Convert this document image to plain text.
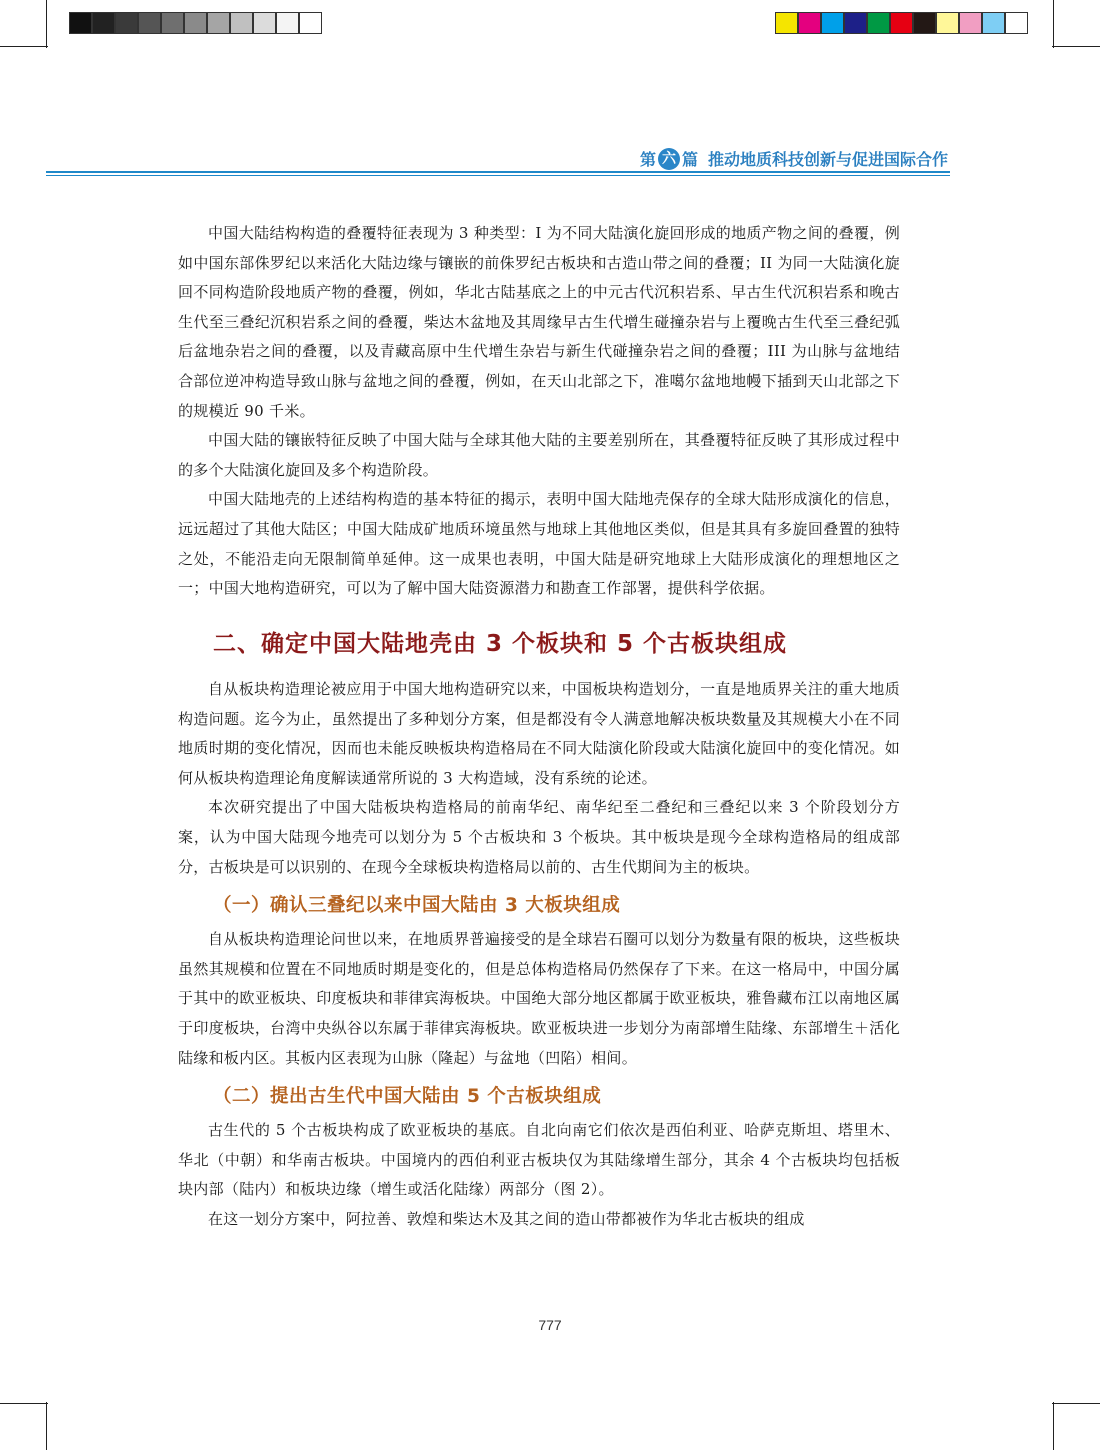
第 六 篇 推动地质科技创新与促进国际合作

中国大陆结构构造的叠覆特征表现为 3 种类型：I 为不同大陆演化旋回形成的地质产物之间的叠覆，例如中国东部侏罗纪以来活化大陆边缘与镶嵌的前侏罗纪古板块和古造山带之间的叠覆；II 为同一大陆演化旋回不同构造阶段地质产物的叠覆，例如，华北古陆基底之上的中元古代沉积岩系、早古生代沉积岩系和晚古生代至三叠纪沉积岩系之间的叠覆，柴达木盆地及其周缘早古生代增生碰撞杂岩与上覆晚古生代至三叠纪弧后盆地杂岩之间的叠覆，以及青藏高原中生代增生杂岩与新生代碰撞杂岩之间的叠覆；III 为山脉与盆地结合部位逆冲构造导致山脉与盆地之间的叠覆，例如，在天山北部之下，准噶尔盆地地幔下插到天山北部之下的规模近 90 千米。

中国大陆的镶嵌特征反映了中国大陆与全球其他大陆的主要差别所在，其叠覆特征反映了其形成过程中的多个大陆演化旋回及多个构造阶段。

中国大陆地壳的上述结构构造的基本特征的揭示，表明中国大陆地壳保存的全球大陆形成演化的信息，远远超过了其他大陆区；中国大陆成矿地质环境虽然与地球上其他地区类似，但是其具有多旋回叠置的独特之处，不能沿走向无限制简单延伸。这一成果也表明，中国大陆是研究地球上大陆形成演化的理想地区之一；中国大地构造研究，可以为了解中国大陆资源潜力和勘查工作部署，提供科学依据。

二、确定中国大陆地壳由 3 个板块和 5 个古板块组成

自从板块构造理论被应用于中国大地构造研究以来，中国板块构造划分，一直是地质界关注的重大地质构造问题。迄今为止，虽然提出了多种划分方案，但是都没有令人满意地解决板块数量及其规模大小在不同地质时期的变化情况，因而也未能反映板块构造格局在不同大陆演化阶段或大陆演化旋回中的变化情况。如何从板块构造理论角度解读通常所说的 3 大构造域，没有系统的论述。

本次研究提出了中国大陆板块构造格局的前南华纪、南华纪至二叠纪和三叠纪以来 3 个阶段划分方案，认为中国大陆现今地壳可以划分为 5 个古板块和 3 个板块。其中板块是现今全球构造格局的组成部分，古板块是可以识别的、在现今全球板块构造格局以前的、古生代期间为主的板块。

（一）确认三叠纪以来中国大陆由 3 大板块组成

自从板块构造理论问世以来，在地质界普遍接受的是全球岩石圈可以划分为数量有限的板块，这些板块虽然其规模和位置在不同地质时期是变化的，但是总体构造格局仍然保存了下来。在这一格局中，中国分属于其中的欧亚板块、印度板块和菲律宾海板块。中国绝大部分地区都属于欧亚板块，雅鲁藏布江以南地区属于印度板块，台湾中央纵谷以东属于菲律宾海板块。欧亚板块进一步划分为南部增生陆缘、东部增生＋活化陆缘和板内区。其板内区表现为山脉（隆起）与盆地（凹陷）相间。

（二）提出古生代中国大陆由 5 个古板块组成

古生代的 5 个古板块构成了欧亚板块的基底。自北向南它们依次是西伯利亚、哈萨克斯坦、塔里木、华北（中朝）和华南古板块。中国境内的西伯利亚古板块仅为其陆缘增生部分，其余 4 个古板块均包括板块内部（陆内）和板块边缘（增生或活化陆缘）两部分（图 2）。

在这一划分方案中，阿拉善、敦煌和柴达木及其之间的造山带都被作为华北古板块的组成

777
